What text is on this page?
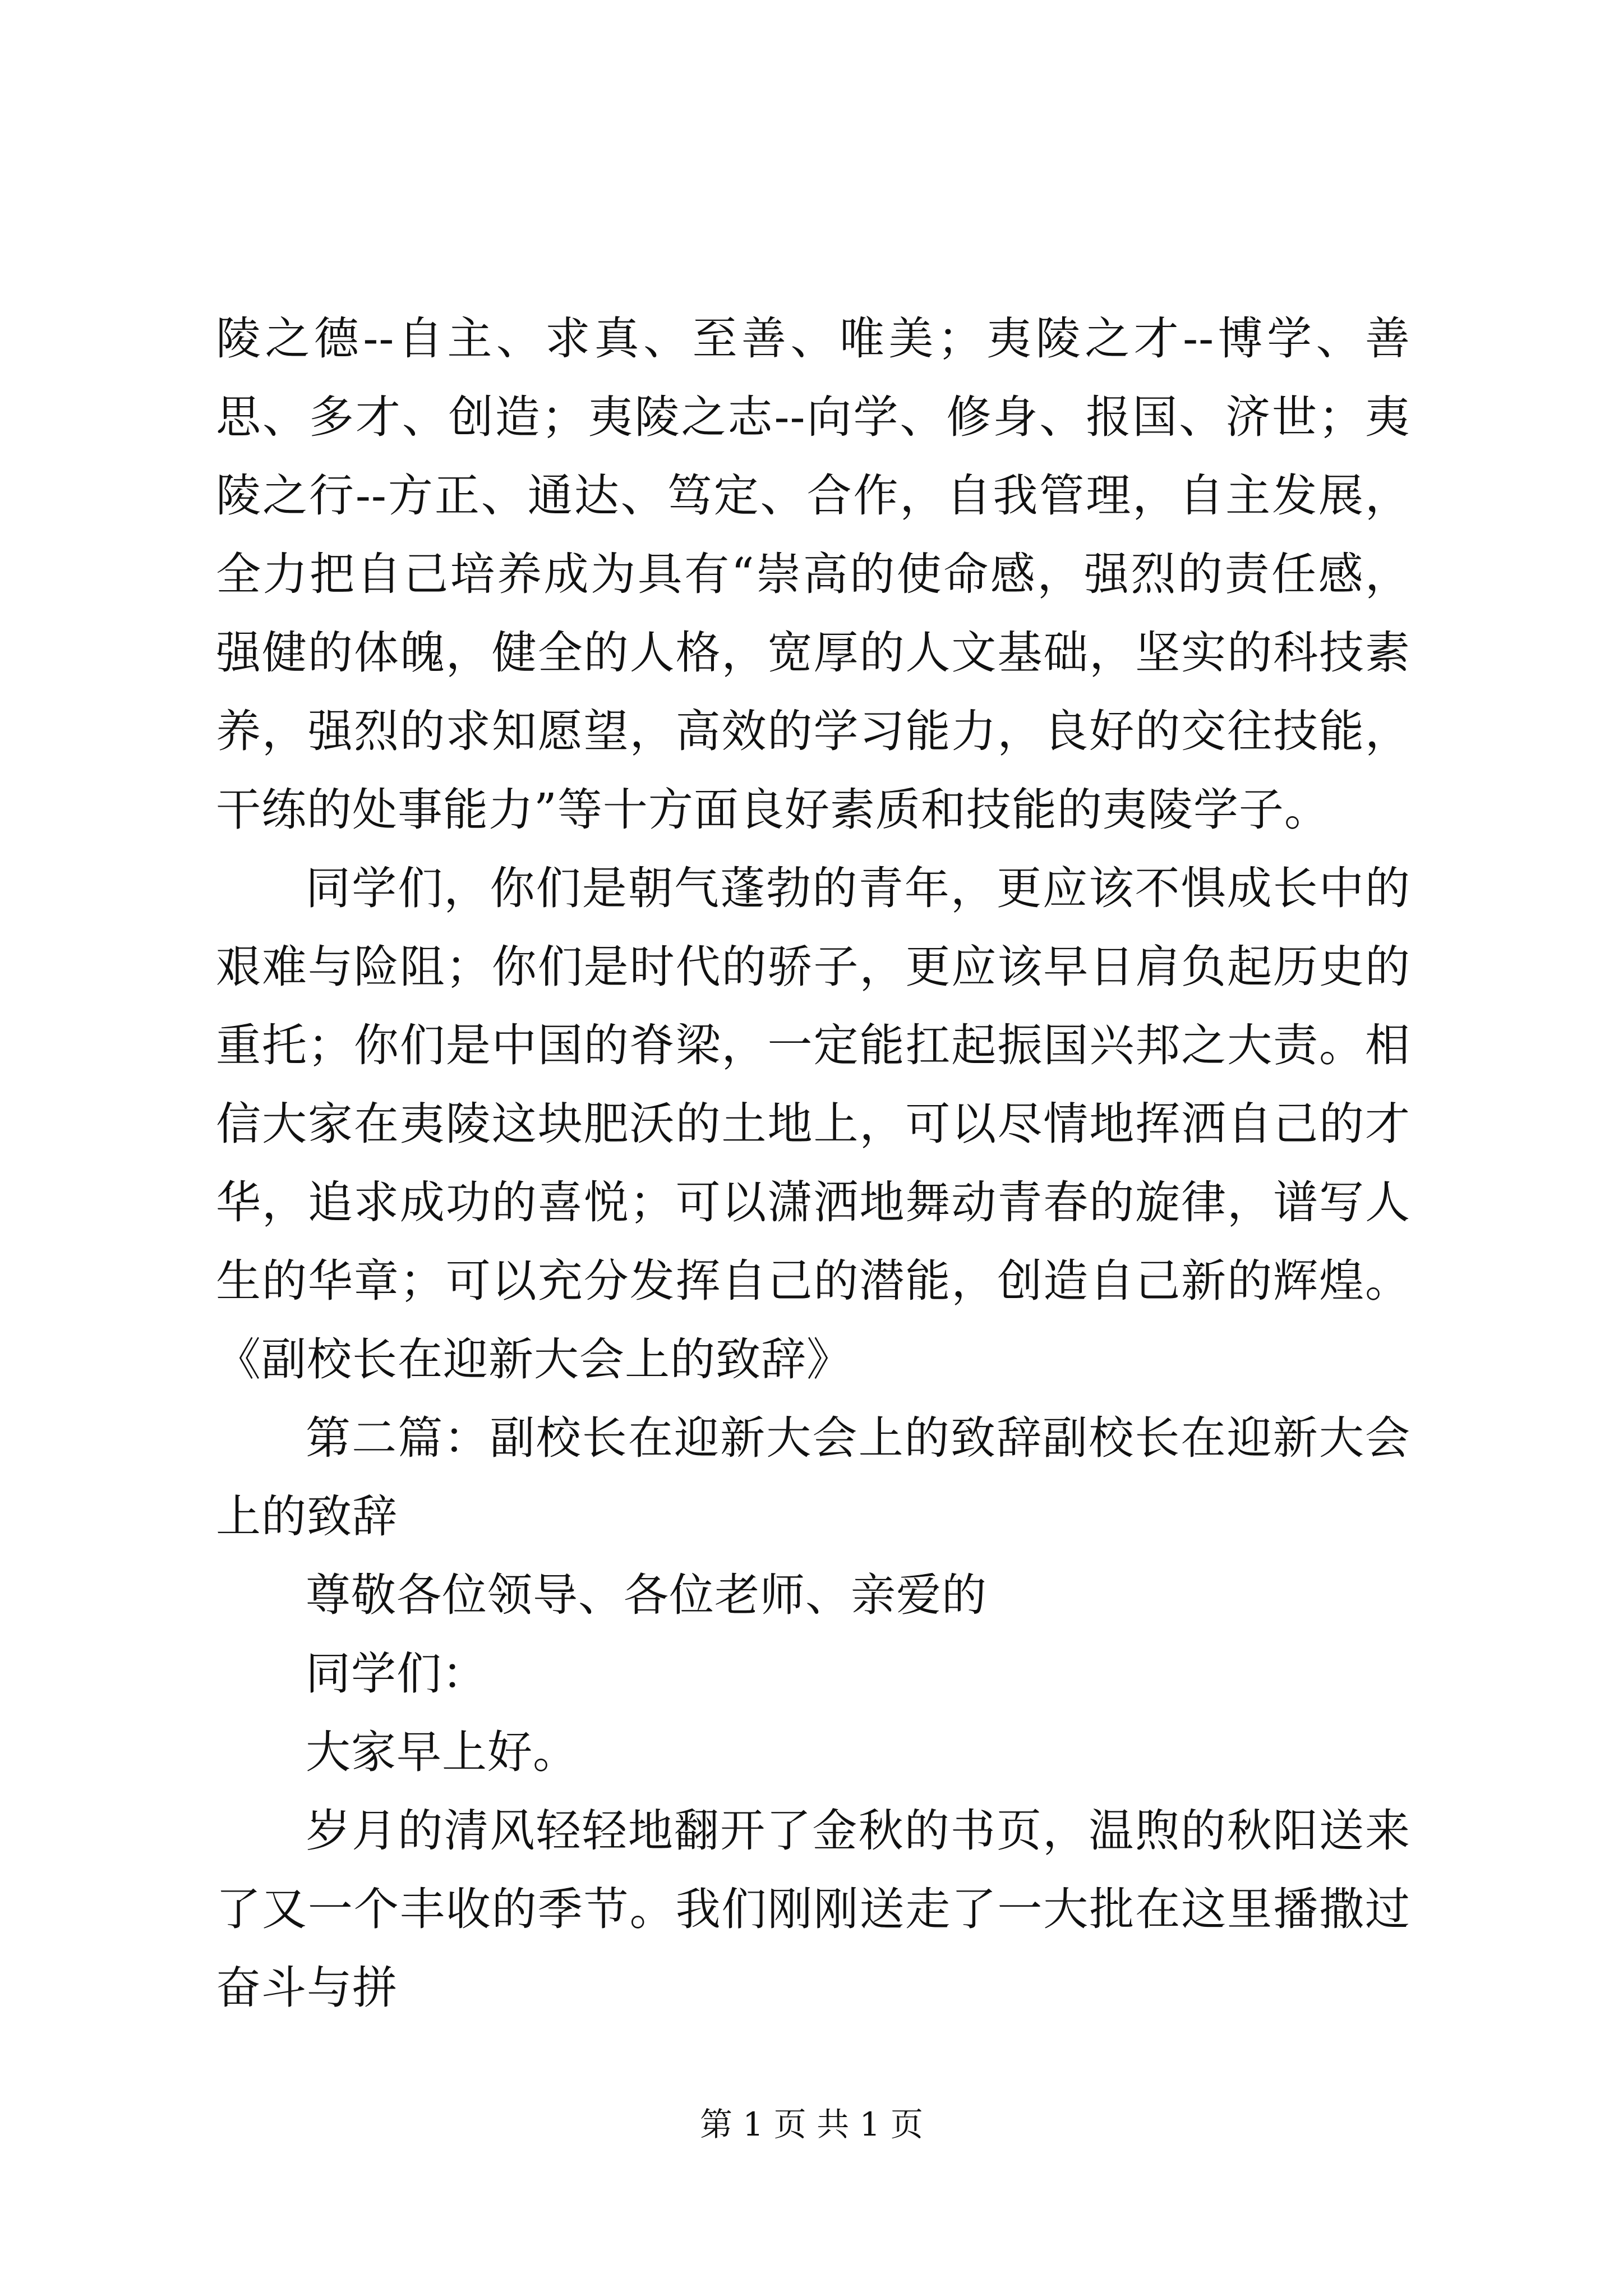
陵之德--自主、求真、至善、唯美；夷陵之才--博学、善思、多才、创造；夷陵之志--向学、修身、报国、济世；夷陵之行--方正、通达、笃定、合作，自我管理，自主发展，全力把自己培养成为具有“崇高的使命感，强烈的责任感，强健的体魄，健全的人格，宽厚的人文基础，坚实的科技素养，强烈的求知愿望，高效的学习能力，良好的交往技能，干练的处事能力”等十方面良好素质和技能的夷陵学子。

同学们，你们是朝气蓬勃的青年，更应该不惧成长中的艰难与险阻；你们是时代的骄子，更应该早日肩负起历史的重托；你们是中国的脊梁，一定能扛起振国兴邦之大责。相信大家在夷陵这块肥沃的土地上，可以尽情地挥洒自己的才华，追求成功的喜悦；可以潇洒地舞动青春的旋律，谱写人生的华章；可以充分发挥自己的潜能，创造自己新的辉煌。《副校长在迎新大会上的致辞》

第二篇：副校长在迎新大会上的致辞副校长在迎新大会上的致辞

尊敬各位领导、各位老师、亲爱的

同学们：

大家早上好。

岁月的清风轻轻地翻开了金秋的书页，温煦的秋阳送来了又一个丰收的季节。我们刚刚送走了一大批在这里播撒过奋斗与拼

第 1 页 共 1 页
